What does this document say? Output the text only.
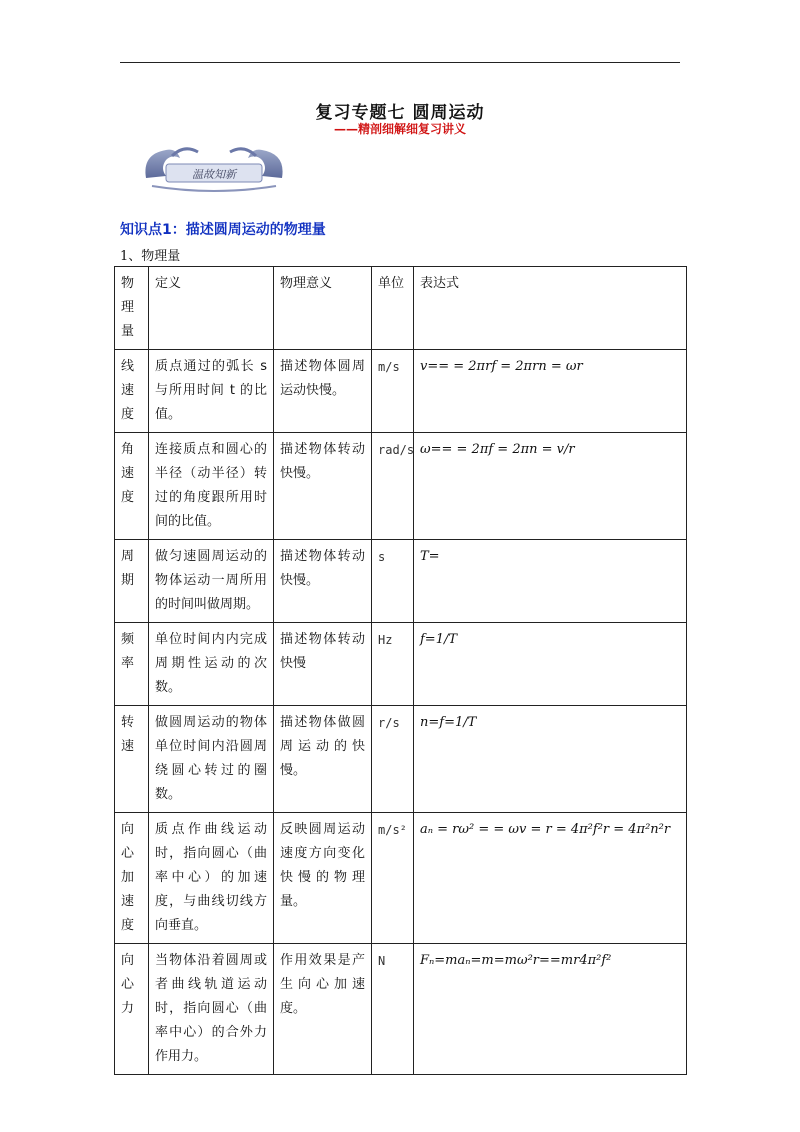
复习专题七 圆周运动
——精剖细解细复习讲义
温故知新
知识点1：描述圆周运动的物理量
1、物理量
物理量	定义	物理意义	单位	表达式
线速度	质点通过的弧长 s 与所用时间 t 的比值。	描述物体圆周运动快慢。	m/s	v== = 2πrf = 2πrn = ωr
角速度	连接质点和圆心的半径（动半径）转过的角度跟所用时间的比值。	描述物体转动快慢。	rad/s	ω== = 2πf = 2πn = v/r
周期	做匀速圆周运动的物体运动一周所用的时间叫做周期。	描述物体转动快慢。	s	T=
频率	单位时间内内完成周期性运动的次数。	描述物体转动快慢	Hz	f=1/T
转速	做圆周运动的物体单位时间内沿圆周绕圆心转过的圈数。	描述物体做圆周运动的快慢。	r/s	n=f=1/T
向心加速度	质点作曲线运动时，指向圆心（曲率中心）的加速度，与曲线切线方向垂直。	反映圆周运动速度方向变化快慢的物理量。	m/s²	aₙ = rω² = = ωv = r = 4π²f²r = 4π²n²r
向心力	当物体沿着圆周或者曲线轨道运动时，指向圆心（曲率中心）的合外力作用力。	作用效果是产生向心加速度。	N	Fₙ=maₙ=m=mω²r==mr4π²f²
